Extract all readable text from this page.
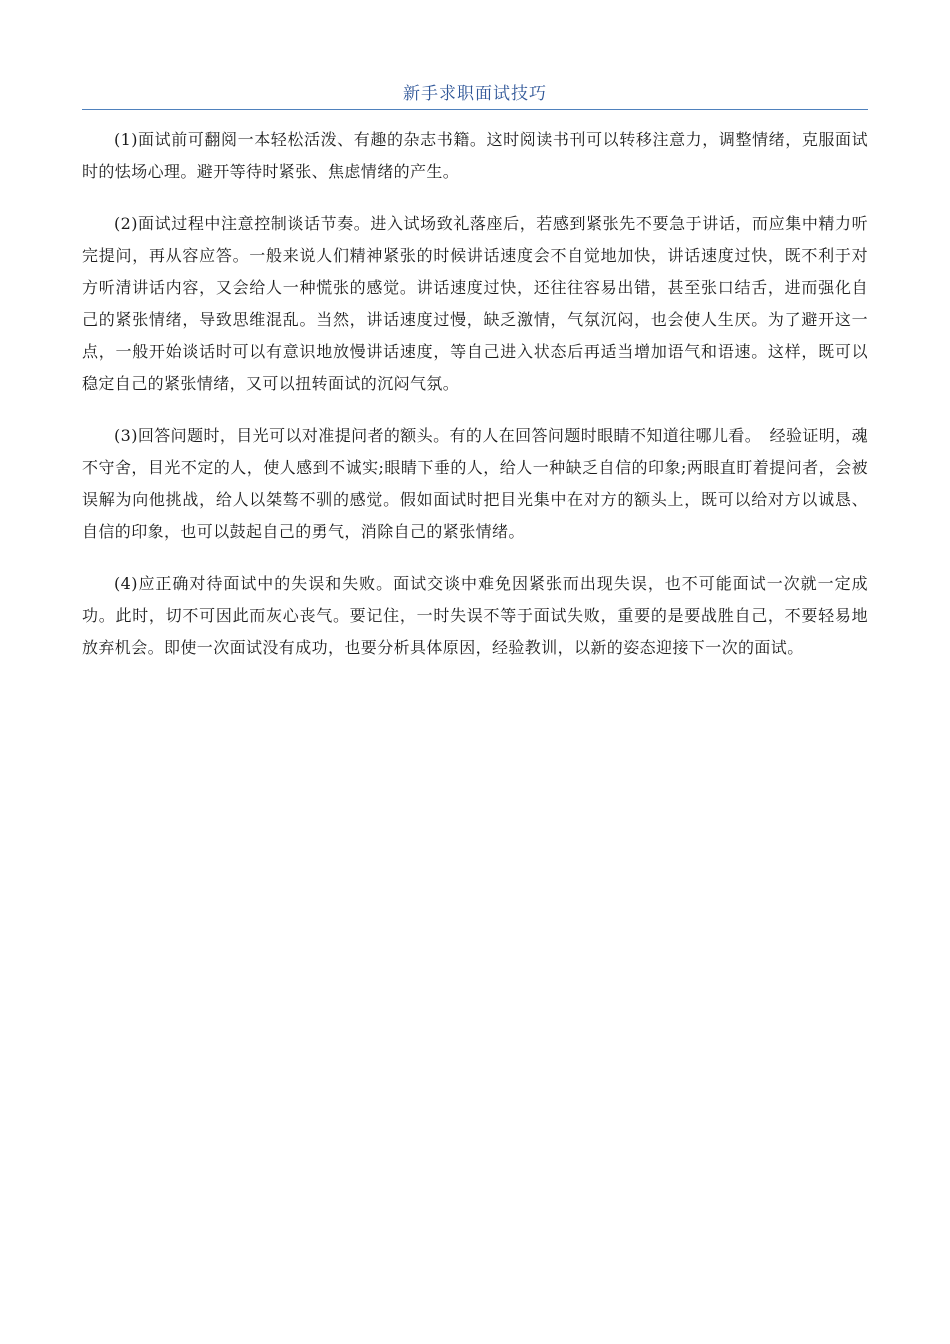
新手求职面试技巧

(1)面试前可翻阅一本轻松活泼、有趣的杂志书籍。这时阅读书刊可以转移注意力，调整情绪，克服面试时的怯场心理。避开等待时紧张、焦虑情绪的产生。

(2)面试过程中注意控制谈话节奏。进入试场致礼落座后，若感到紧张先不要急于讲话，而应集中精力听完提问，再从容应答。一般来说人们精神紧张的时候讲话速度会不自觉地加快，讲话速度过快，既不利于对方听清讲话内容，又会给人一种慌张的感觉。讲话速度过快，还往往容易出错，甚至张口结舌，进而强化自己的紧张情绪，导致思维混乱。当然，讲话速度过慢，缺乏激情，气氛沉闷，也会使人生厌。为了避开这一点，一般开始谈话时可以有意识地放慢讲话速度，等自己进入状态后再适当增加语气和语速。这样，既可以稳定自己的紧张情绪，又可以扭转面试的沉闷气氛。

(3)回答问题时，目光可以对准提问者的额头。有的人在回答问题时眼睛不知道往哪儿看。　经验证明，魂不守舍，目光不定的人，使人感到不诚实;眼睛下垂的人，给人一种缺乏自信的印象;两眼直盯着提问者，会被误解为向他挑战，给人以桀骜不驯的感觉。假如面试时把目光集中在对方的额头上，既可以给对方以诚恳、自信的印象，也可以鼓起自己的勇气，消除自己的紧张情绪。

(4)应正确对待面试中的失误和失败。面试交谈中难免因紧张而出现失误，也不可能面试一次就一定成功。此时，切不可因此而灰心丧气。要记住，一时失误不等于面试失败，重要的是要战胜自己，不要轻易地放弃机会。即使一次面试没有成功，也要分析具体原因，经验教训，以新的姿态迎接下一次的面试。
